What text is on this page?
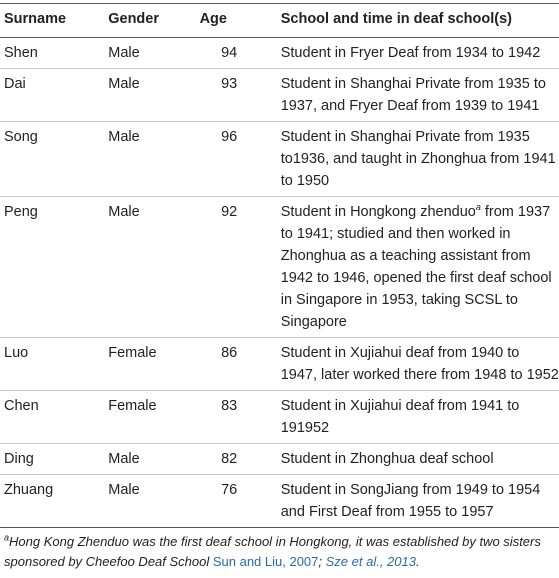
Surname	Gender	Age	School and time in deaf school(s)
Shen	Male	94	Student in Fryer Deaf from 1934 to 1942
Dai	Male	93	Student in Shanghai Private from 1935 to 1937, and Fryer Deaf from 1939 to 1941
Song	Male	96	Student in Shanghai Private from 1935 to1936, and taught in Zhonghua from 1941 to 1950
Peng	Male	92	Student in Hongkong zhenduo$^a$ from 1937 to 1941; studied and then worked in Zhonghua as a teaching assistant from 1942 to 1946, opened the first deaf school in Singapore in 1953, taking SCSL to Singapore
Luo	Female	86	Student in Xujiahui deaf from 1940 to 1947, later worked there from 1948 to 1952
Chen	Female	83	Student in Xujiahui deaf from 1941 to 191952
Ding	Male	82	Student in Zhonghua deaf school
Zhuang	Male	76	Student in SongJiang from 1949 to 1954 and First Deaf from 1955 to 1957
$^a$Hong Kong Zhenduo was the first deaf school in Hongkong, it was established by two sisters sponsored by Cheefoo Deaf School Sun and Liu, 2007; Sze et al., 2013.
